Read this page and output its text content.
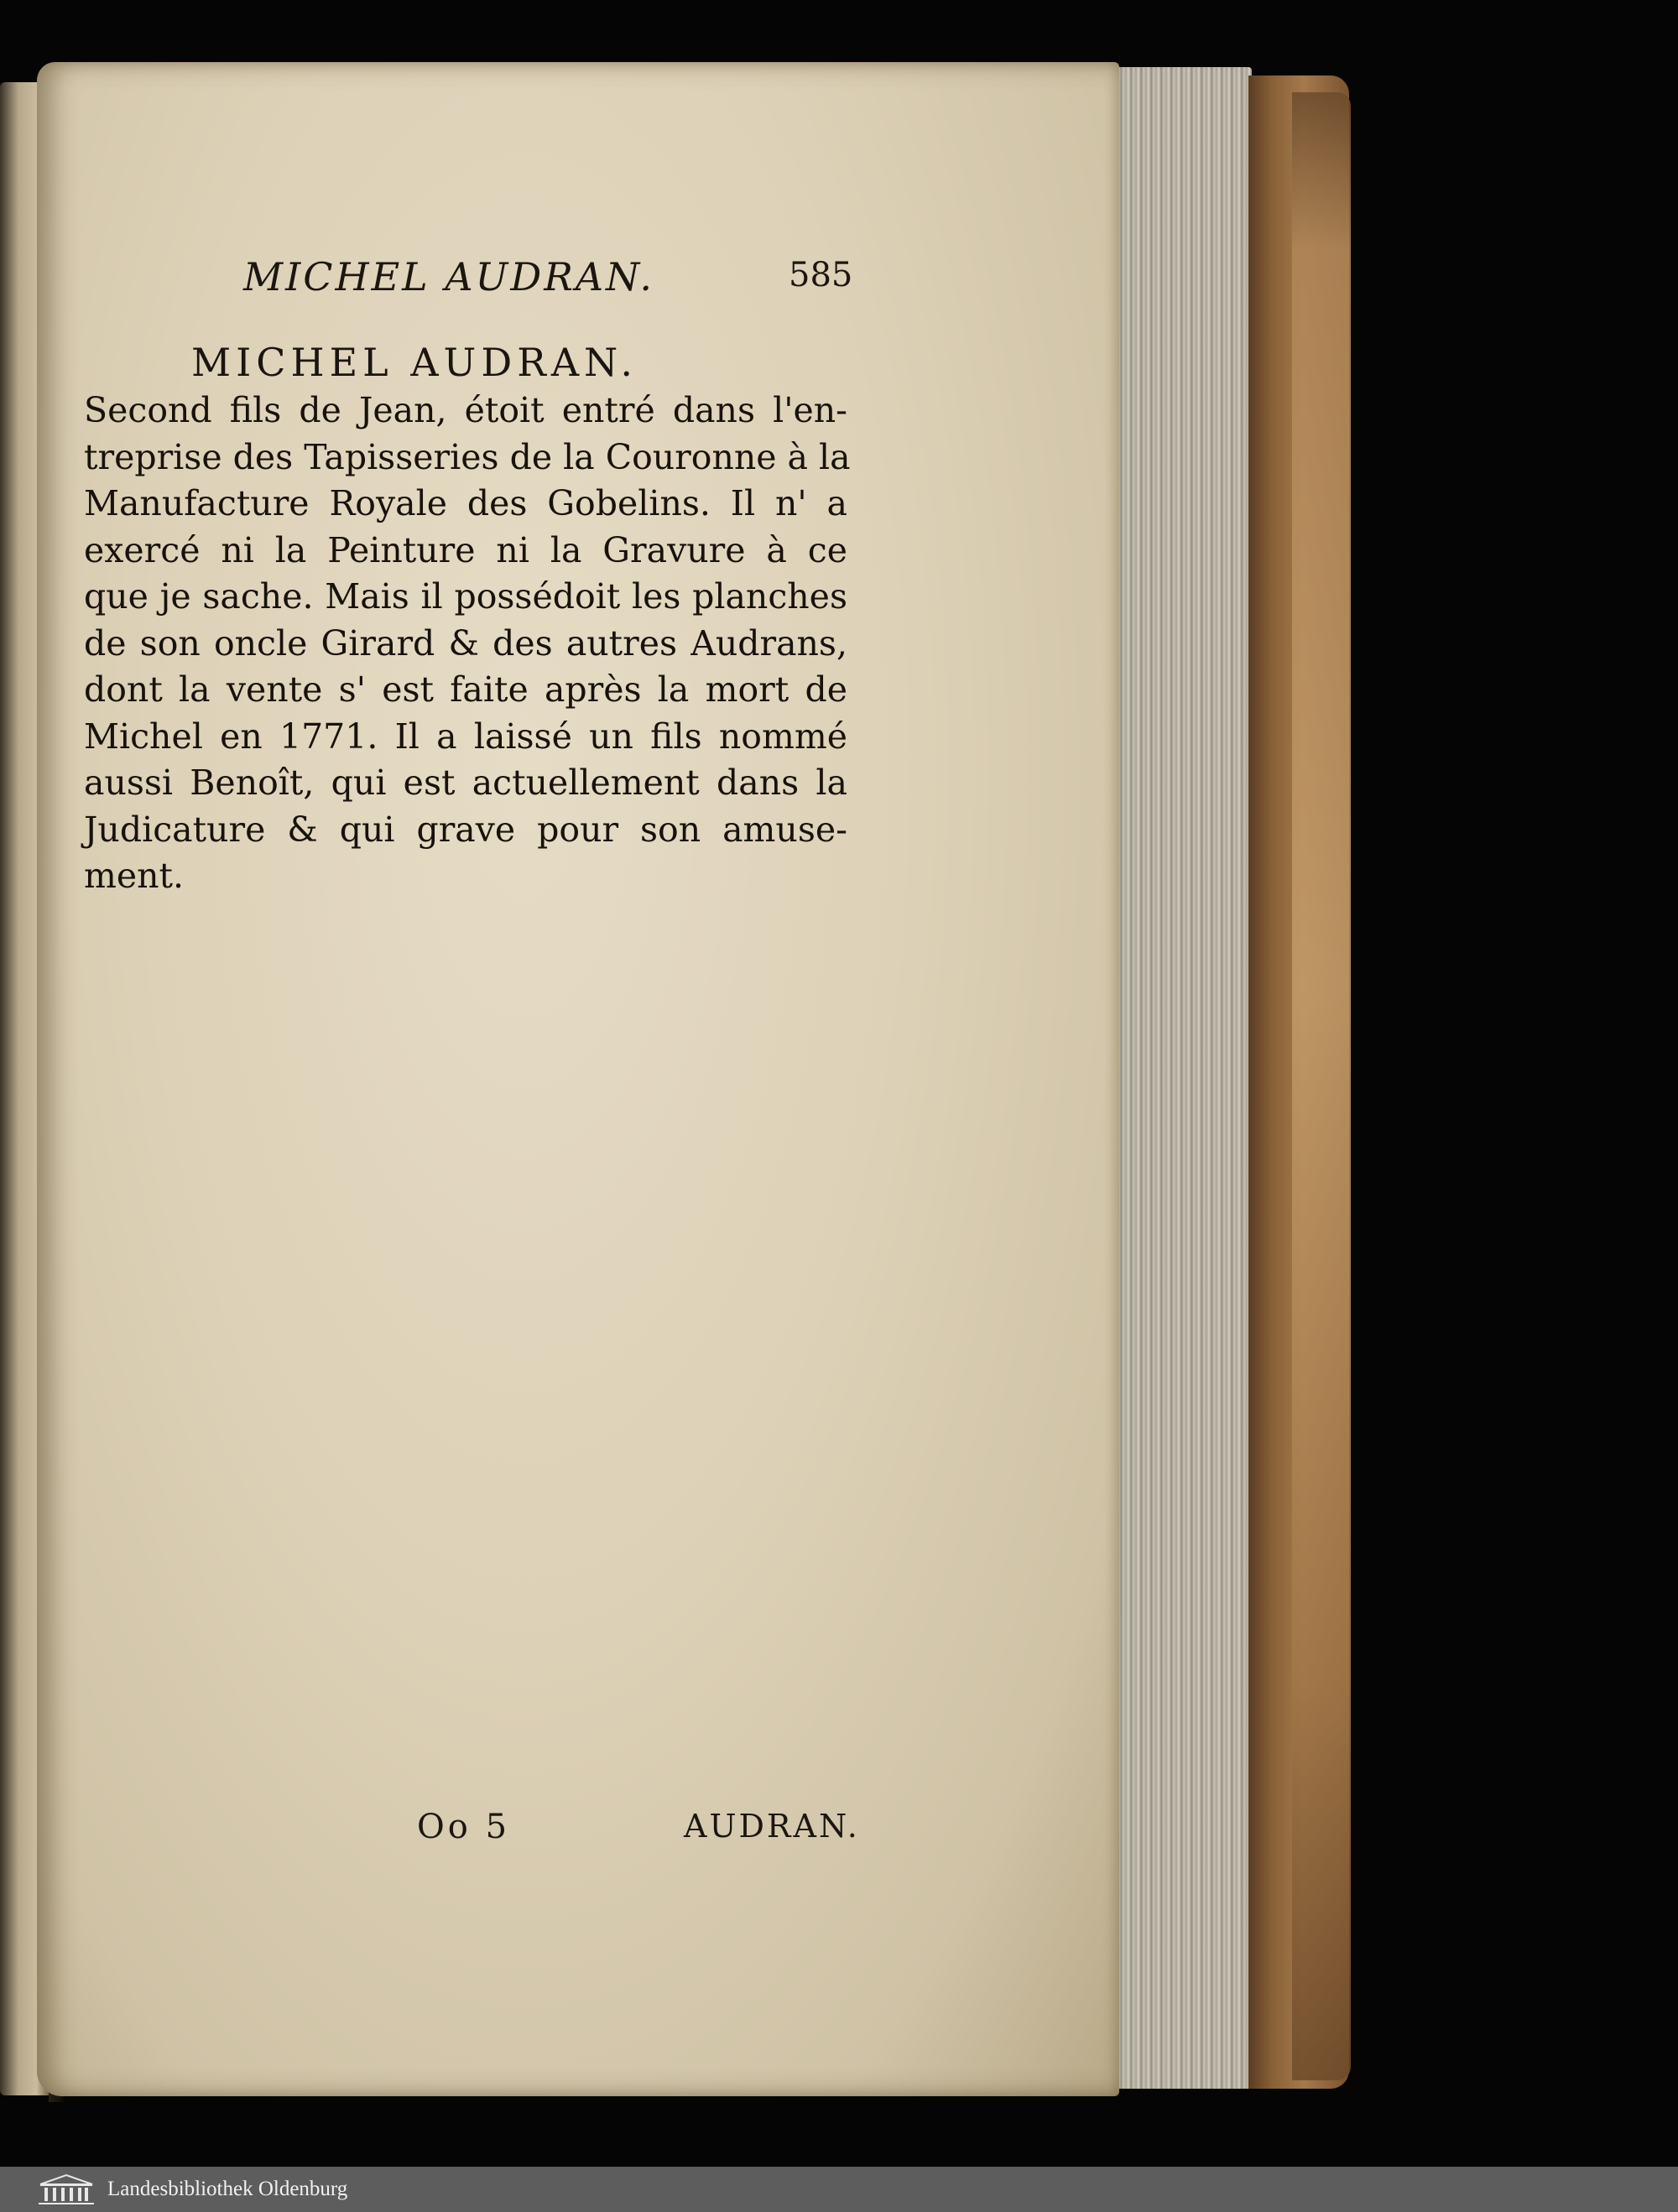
MICHEL AUDRAN.	585
MICHEL AUDRAN.
Second fils de Jean, étoit entré dans l'en-
treprise des Tapisseries de la Couronne à la
Manufacture Royale des Gobelins. Il n' a
exercé ni la Peinture ni la Gravure à ce
que je sache. Mais il possédoit les planches
de son oncle Girard & des autres Audrans,
dont la vente s' est faite après la mort de
Michel en 1771. Il a laissé un fils nommé
aussi Benoît, qui est actuellement dans la
Judicature & qui grave pour son amuse-
ment.
Oo 5	AUDRAN.
Landesbibliothek Oldenburg
